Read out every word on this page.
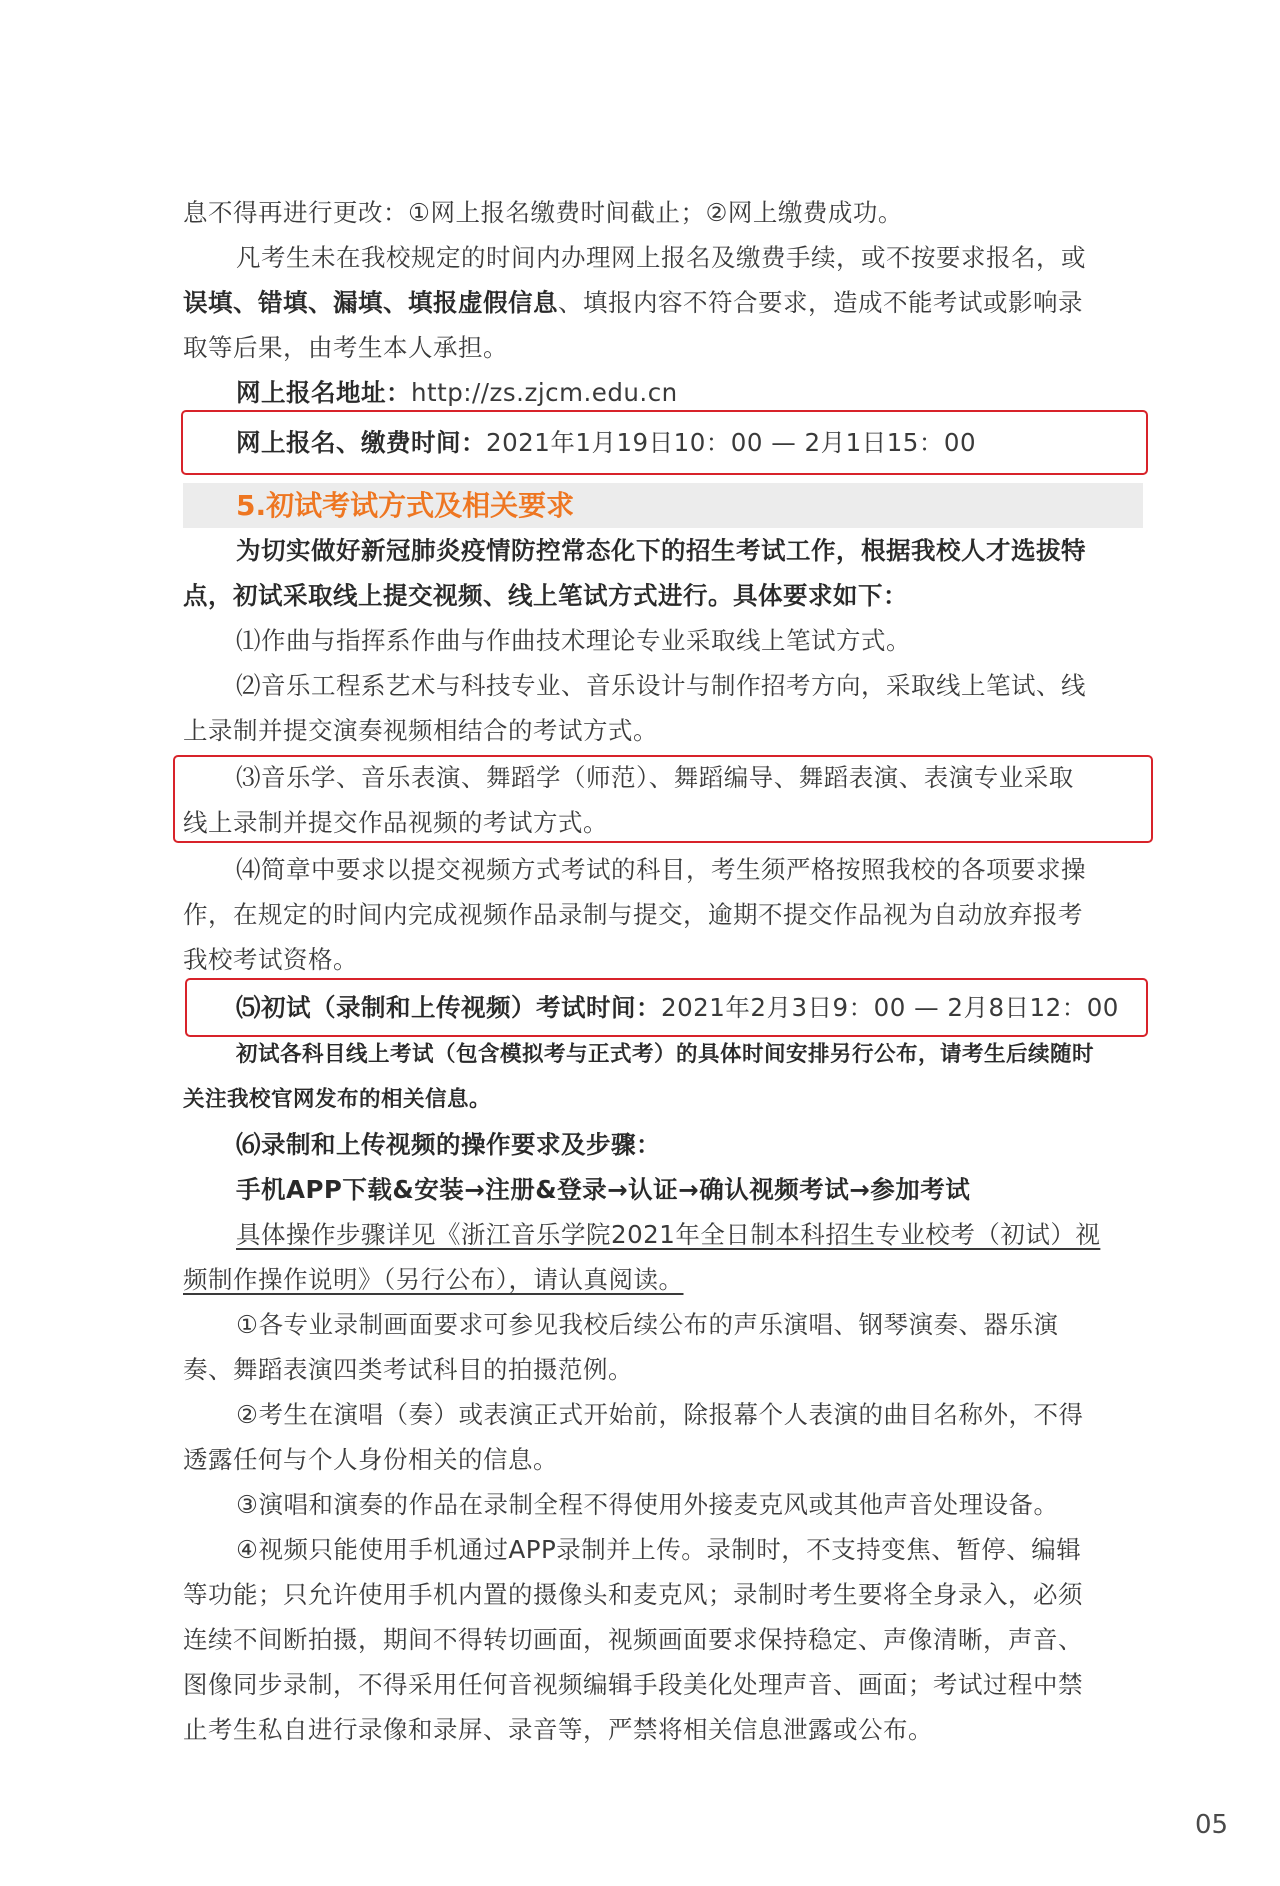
息不得再进行更改：①网上报名缴费时间截止；②网上缴费成功。
凡考生未在我校规定的时间内办理网上报名及缴费手续，或不按要求报名，或
误填、错填、漏填、填报虚假信息、填报内容不符合要求，造成不能考试或影响录
取等后果，由考生本人承担。
网上报名地址：http://zs.zjcm.edu.cn
网上报名、缴费时间：2021年1月19日10：00 — 2月1日15：00
5.初试考试方式及相关要求
为切实做好新冠肺炎疫情防控常态化下的招生考试工作，根据我校人才选拔特
点，初试采取线上提交视频、线上笔试方式进行。具体要求如下：
⑴作曲与指挥系作曲与作曲技术理论专业采取线上笔试方式。
⑵音乐工程系艺术与科技专业、音乐设计与制作招考方向，采取线上笔试、线
上录制并提交演奏视频相结合的考试方式。
⑶音乐学、音乐表演、舞蹈学（师范）、舞蹈编导、舞蹈表演、表演专业采取
线上录制并提交作品视频的考试方式。
⑷简章中要求以提交视频方式考试的科目，考生须严格按照我校的各项要求操
作，在规定的时间内完成视频作品录制与提交，逾期不提交作品视为自动放弃报考
我校考试资格。
⑸初试（录制和上传视频）考试时间：2021年2月3日9：00 — 2月8日12：00
初试各科目线上考试（包含模拟考与正式考）的具体时间安排另行公布，请考生后续随时
关注我校官网发布的相关信息。
⑹录制和上传视频的操作要求及步骤：
手机APP下载&安装→注册&登录→认证→确认视频考试→参加考试
具体操作步骤详见《浙江音乐学院2021年全日制本科招生专业校考（初试）视
频制作操作说明》（另行公布），请认真阅读。
①各专业录制画面要求可参见我校后续公布的声乐演唱、钢琴演奏、器乐演
奏、舞蹈表演四类考试科目的拍摄范例。
②考生在演唱（奏）或表演正式开始前，除报幕个人表演的曲目名称外，不得
透露任何与个人身份相关的信息。
③演唱和演奏的作品在录制全程不得使用外接麦克风或其他声音处理设备。
④视频只能使用手机通过APP录制并上传。录制时，不支持变焦、暂停、编辑
等功能；只允许使用手机内置的摄像头和麦克风；录制时考生要将全身录入，必须
连续不间断拍摄，期间不得转切画面，视频画面要求保持稳定、声像清晰，声音、
图像同步录制，不得采用任何音视频编辑手段美化处理声音、画面；考试过程中禁
止考生私自进行录像和录屏、录音等，严禁将相关信息泄露或公布。
05
